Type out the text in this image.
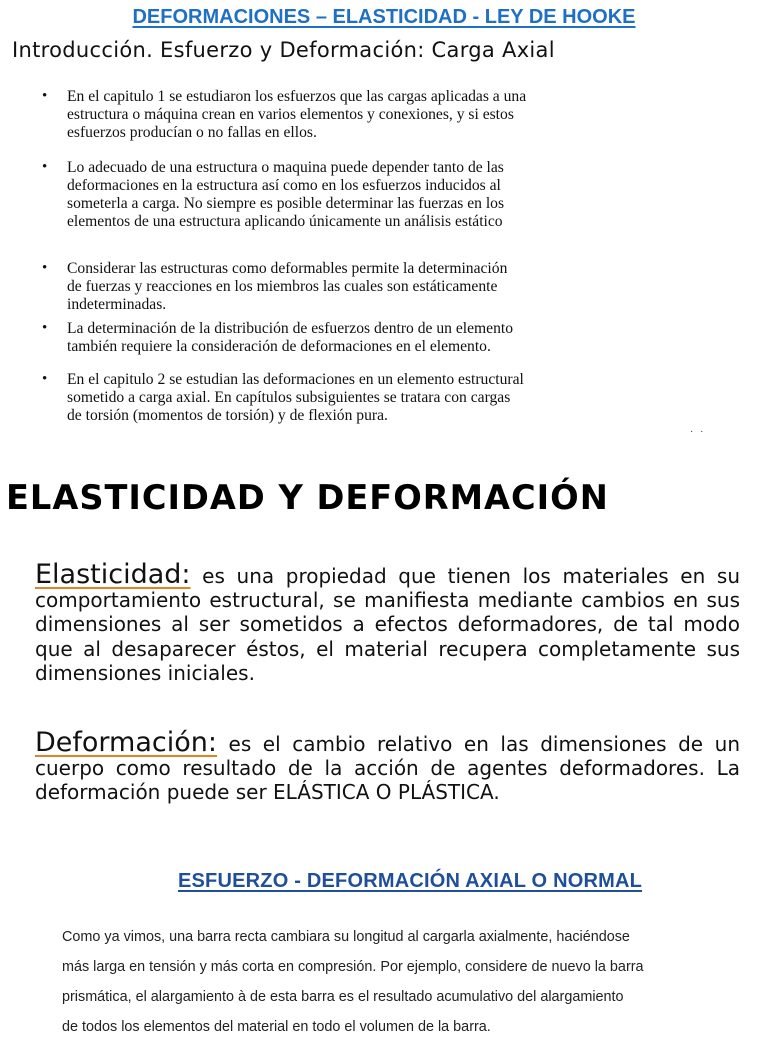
DEFORMACIONES – ELASTICIDAD - LEY DE HOOKE
Introducción. Esfuerzo y Deformación: Carga Axial
• En el capitulo 1 se estudiaron los esfuerzos que las cargas aplicadas a una
estructura o máquina crean en varios elementos y conexiones, y si estos
esfuerzos producían o no fallas en ellos.
• Lo adecuado de una estructura o maquina puede depender tanto de las
deformaciones en la estructura así como en los esfuerzos inducidos al
someterla a carga. No siempre es posible determinar las fuerzas en los
elementos de una estructura aplicando únicamente un análisis estático
• Considerar las estructuras como deformables permite la determinación
de fuerzas y reacciones en los miembros las cuales son estáticamente
indeterminadas.
• La determinación de la distribución de esfuerzos dentro de un elemento
también requiere la consideración de deformaciones en el elemento.
• En el capitulo 2 se estudian las deformaciones en un elemento estructural
sometido a carga axial. En capítulos subsiguientes se tratara con cargas
de torsión (momentos de torsión) y de flexión pura.
· ·
ELASTICIDAD Y DEFORMACIÓN
Elasticidad: es una propiedad que tienen los materiales en su comportamiento estructural, se manifiesta mediante cambios en sus dimensiones al ser sometidos a efectos deformadores, de tal modo que al desaparecer éstos, el material recupera completamente sus dimensiones iniciales.
Deformación: es el cambio relativo en las dimensiones de un cuerpo como resultado de la acción de agentes deformadores. La deformación puede ser ELÁSTICA O PLÁSTICA.
ESFUERZO - DEFORMACIÓN AXIAL O NORMAL
Como ya vimos, una barra recta cambiara su longitud al cargarla axialmente, haciéndose
más larga en tensión y más corta en compresión. Por ejemplo, considere de nuevo la barra
prismática, el alargamiento à de esta barra es el resultado acumulativo del alargamiento
de todos los elementos del material en todo el volumen de la barra.
